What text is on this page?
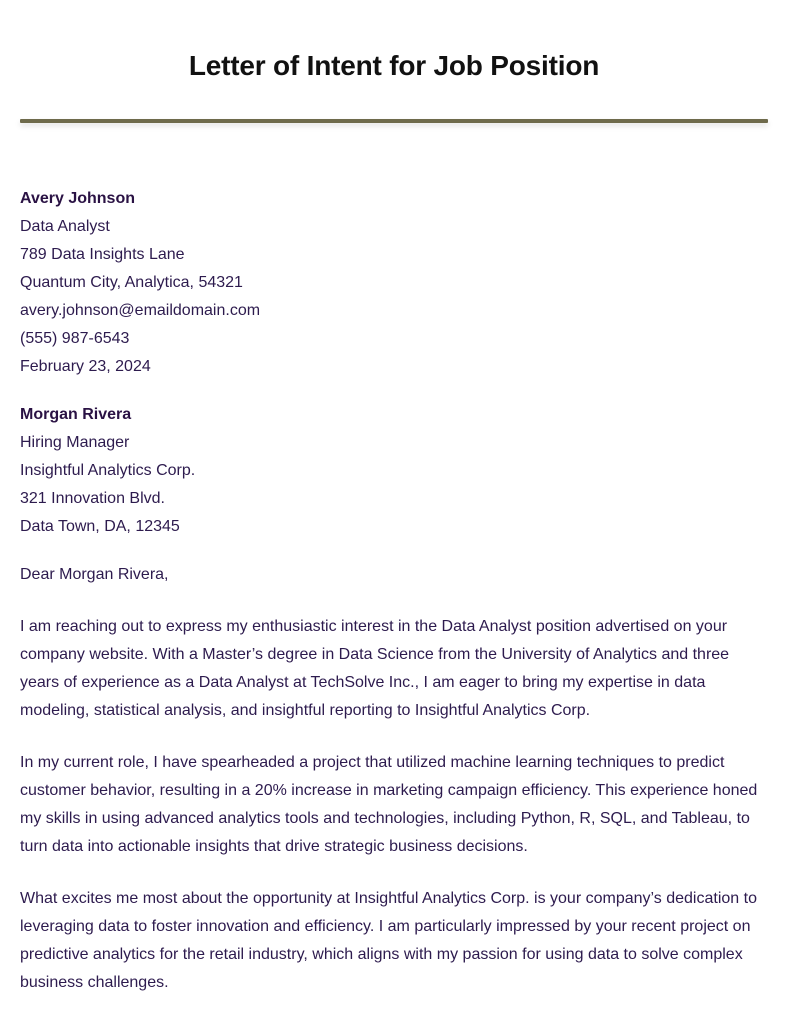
Letter of Intent for Job Position
Avery Johnson
Data Analyst
789 Data Insights Lane
Quantum City, Analytica, 54321
avery.johnson@emaildomain.com
(555) 987-6543
February 23, 2024
Morgan Rivera
Hiring Manager
Insightful Analytics Corp.
321 Innovation Blvd.
Data Town, DA, 12345

Dear Morgan Rivera,

I am reaching out to express my enthusiastic interest in the Data Analyst position advertised on your company website. With a Master’s degree in Data Science from the University of Analytics and three years of experience as a Data Analyst at TechSolve Inc., I am eager to bring my expertise in data modeling, statistical analysis, and insightful reporting to Insightful Analytics Corp.

In my current role, I have spearheaded a project that utilized machine learning techniques to predict customer behavior, resulting in a 20% increase in marketing campaign efficiency. This experience honed my skills in using advanced analytics tools and technologies, including Python, R, SQL, and Tableau, to turn data into actionable insights that drive strategic business decisions.

What excites me most about the opportunity at Insightful Analytics Corp. is your company’s dedication to leveraging data to foster innovation and efficiency. I am particularly impressed by your recent project on predictive analytics for the retail industry, which aligns with my passion for using data to solve complex business challenges.
